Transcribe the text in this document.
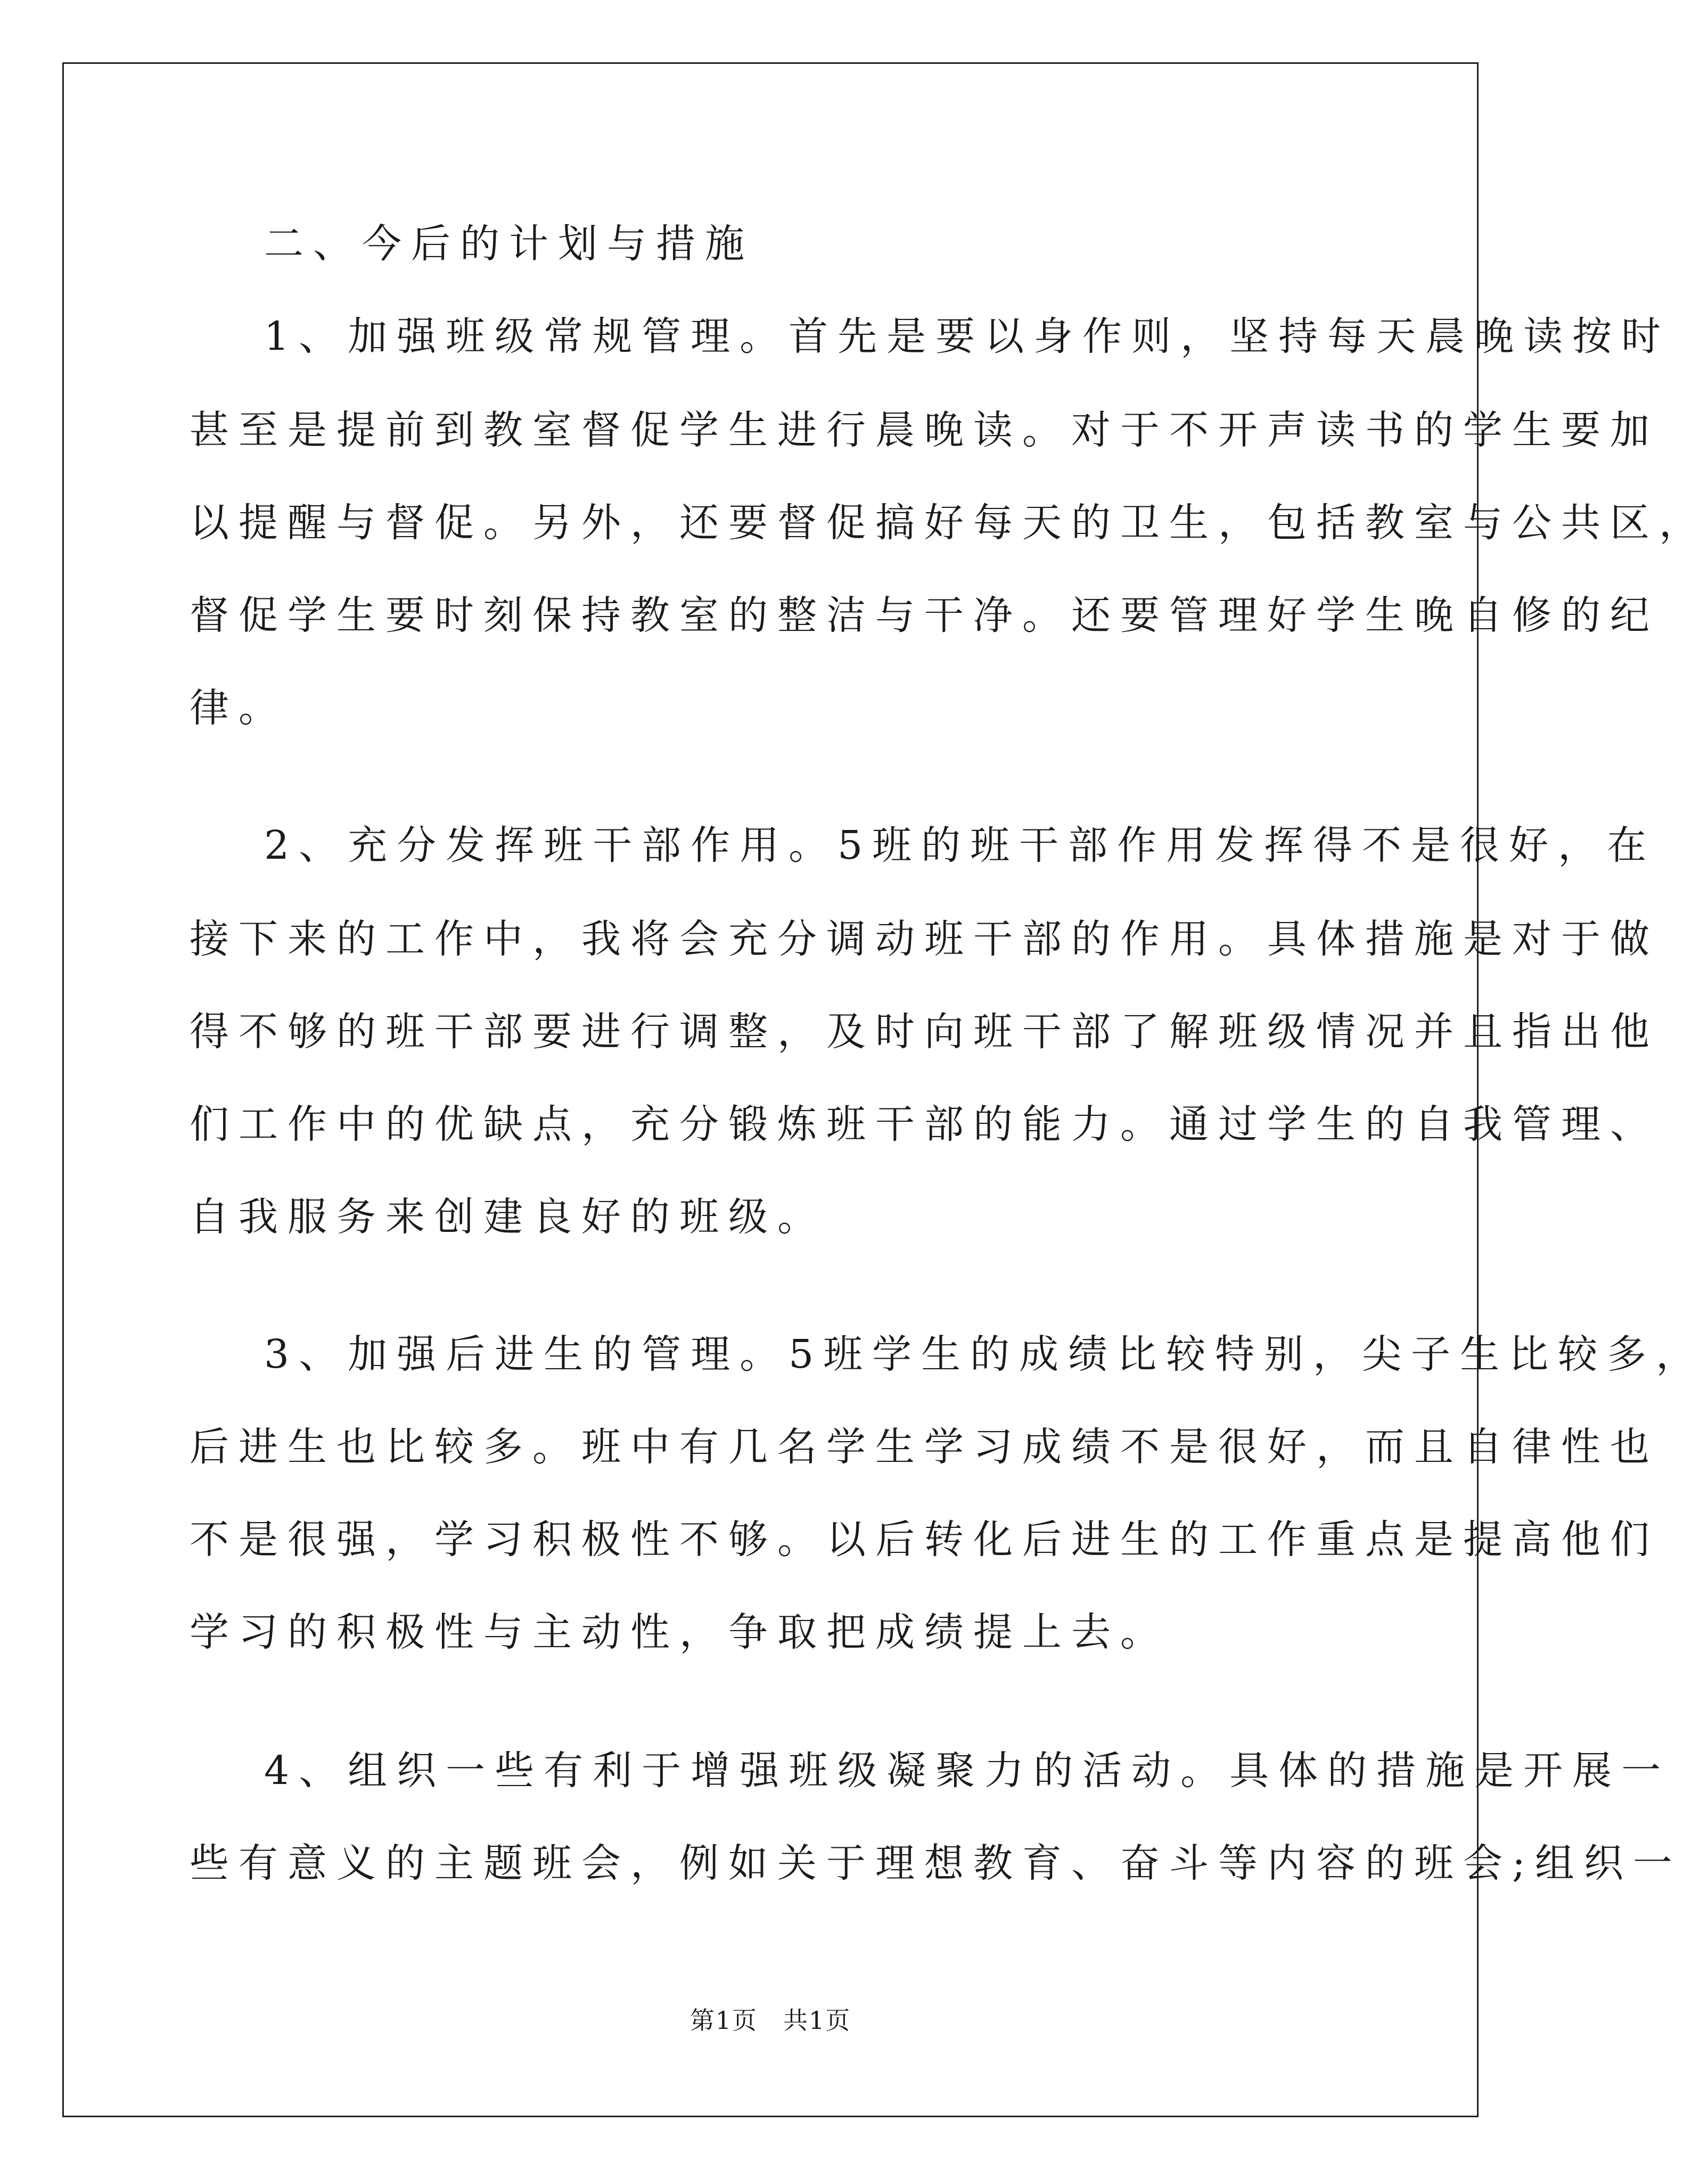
二、今后的计划与措施
1、加强班级常规管理。首先是要以身作则，坚持每天晨晚读按时
甚至是提前到教室督促学生进行晨晚读。对于不开声读书的学生要加
以提醒与督促。另外，还要督促搞好每天的卫生，包括教室与公共区，
督促学生要时刻保持教室的整洁与干净。还要管理好学生晚自修的纪
律。
2、充分发挥班干部作用。5班的班干部作用发挥得不是很好，在
接下来的工作中，我将会充分调动班干部的作用。具体措施是对于做
得不够的班干部要进行调整，及时向班干部了解班级情况并且指出他
们工作中的优缺点，充分锻炼班干部的能力。通过学生的自我管理、
自我服务来创建良好的班级。
3、加强后进生的管理。5班学生的成绩比较特别，尖子生比较多，
后进生也比较多。班中有几名学生学习成绩不是很好，而且自律性也
不是很强，学习积极性不够。以后转化后进生的工作重点是提高他们
学习的积极性与主动性，争取把成绩提上去。
4、组织一些有利于增强班级凝聚力的活动。具体的措施是开展一
些有意义的主题班会，例如关于理想教育、奋斗等内容的班会;组织一
第1页　共1页
